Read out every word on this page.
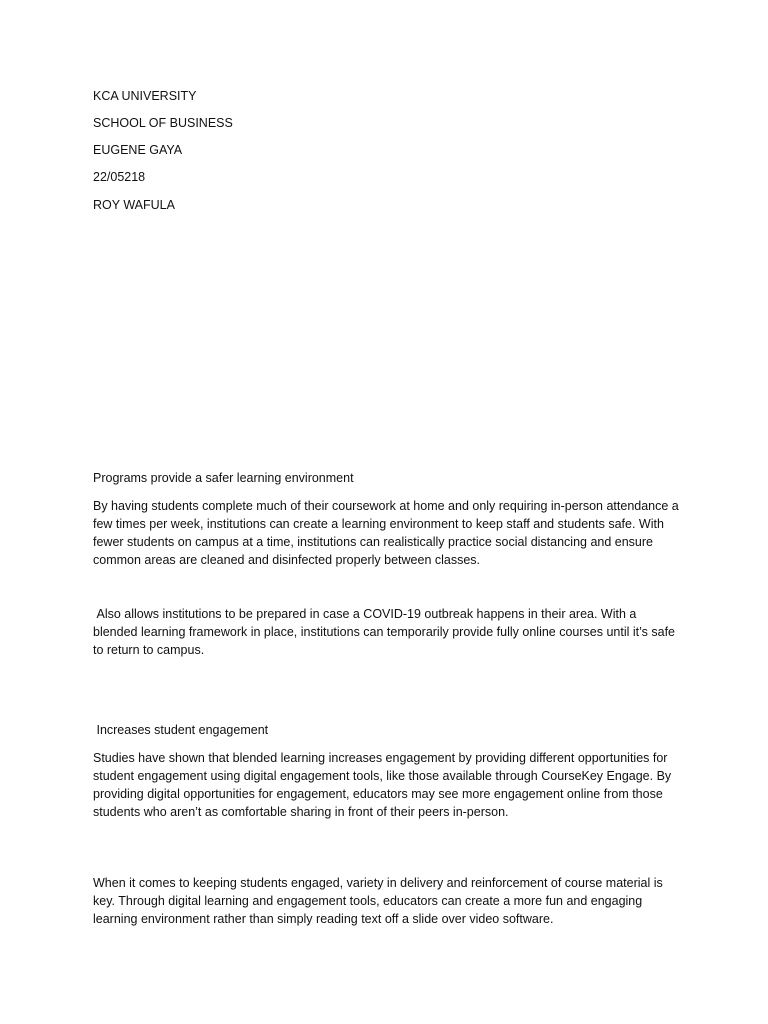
KCA UNIVERSITY
SCHOOL OF BUSINESS
EUGENE GAYA
22/05218
ROY WAFULA
Programs provide a safer learning environment
By having students complete much of their coursework at home and only requiring in-person attendance a few times per week, institutions can create a learning environment to keep staff and students safe. With fewer students on campus at a time, institutions can realistically practice social distancing and ensure common areas are cleaned and disinfected properly between classes.
Also allows institutions to be prepared in case a COVID-19 outbreak happens in their area. With a blended learning framework in place, institutions can temporarily provide fully online courses until it’s safe to return to campus.
Increases student engagement
Studies have shown that blended learning increases engagement by providing different opportunities for student engagement using digital engagement tools, like those available through CourseKey Engage. By providing digital opportunities for engagement, educators may see more engagement online from those students who aren’t as comfortable sharing in front of their peers in-person.
When it comes to keeping students engaged, variety in delivery and reinforcement of course material is key. Through digital learning and engagement tools, educators can create a more fun and engaging learning environment rather than simply reading text off a slide over video software.
